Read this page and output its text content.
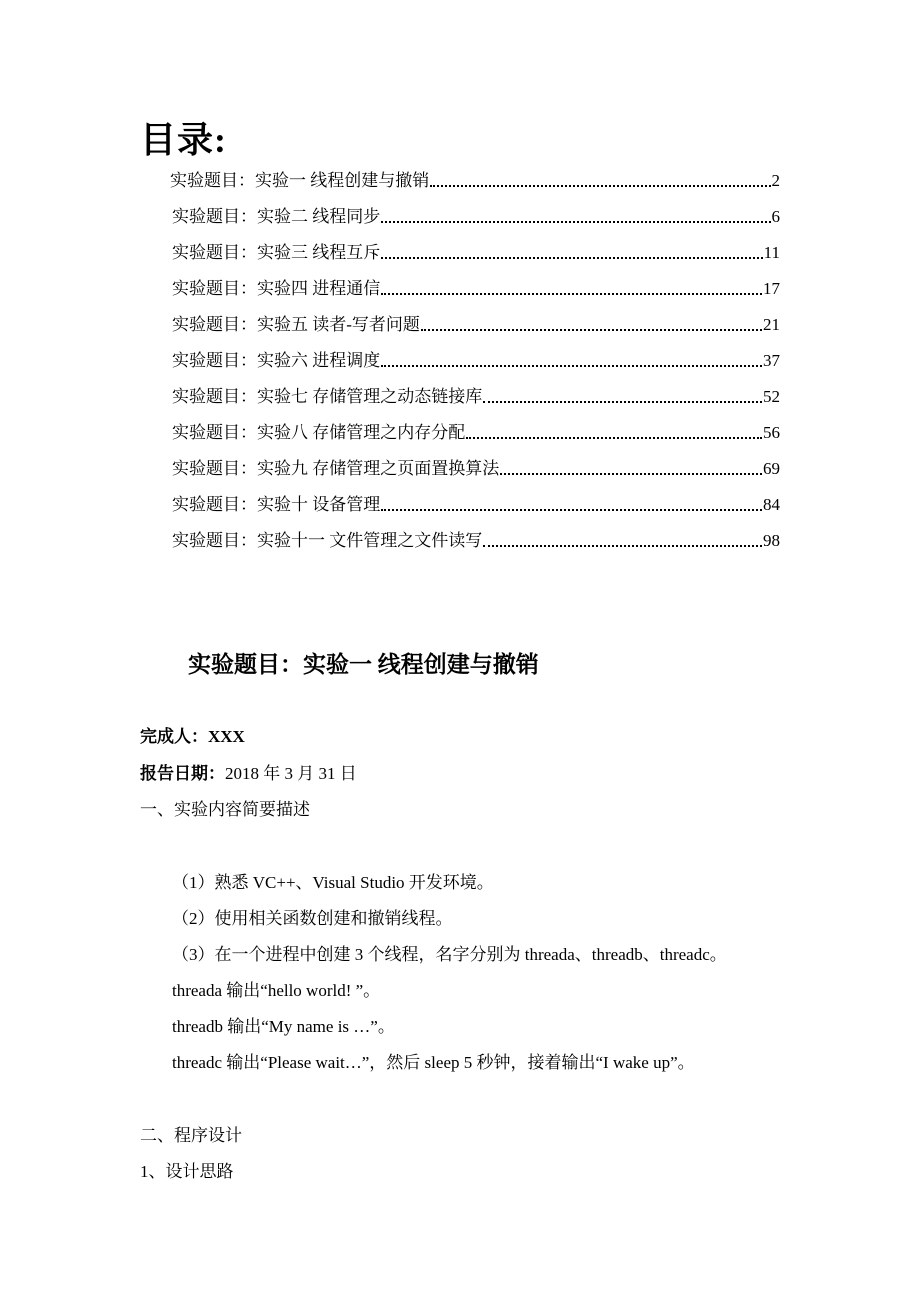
目录:
实验题目：实验一 线程创建与撤销	2
实验题目：实验二 线程同步	6
实验题目：实验三 线程互斥	11
实验题目：实验四 进程通信	17
实验题目：实验五 读者-写者问题	21
实验题目：实验六 进程调度	37
实验题目：实验七 存储管理之动态链接库	52
实验题目：实验八 存储管理之内存分配	56
实验题目：实验九 存储管理之页面置换算法	69
实验题目：实验十 设备管理	84
实验题目：实验十一 文件管理之文件读写	98
实验题目：实验一 线程创建与撤销
完成人：XXX
报告日期：2018 年 3 月 31 日
一、实验内容简要描述
（1）熟悉 VC++、Visual Studio 开发环境。
（2）使用相关函数创建和撤销线程。
（3）在一个进程中创建 3 个线程，名字分别为 threada、threadb、threadc。
threada 输出“hello world! ”。
threadb 输出“My name is …”。
threadc 输出“Please wait…”，然后 sleep 5 秒钟，接着输出“I wake up”。
二、程序设计
1、设计思路
